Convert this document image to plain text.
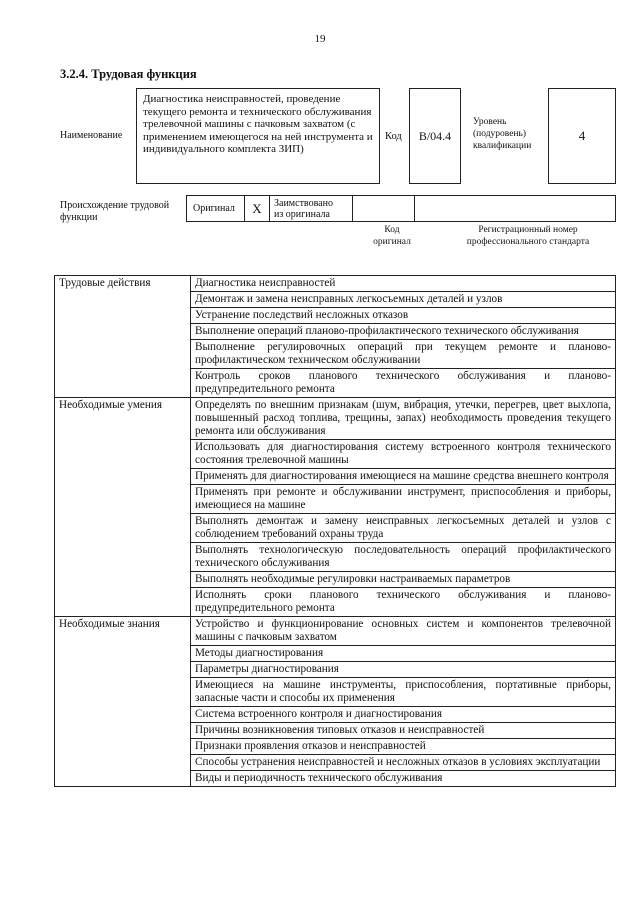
19
3.2.4. Трудовая функция
Наименование
Диагностика неисправностей, проведение текущего ремонта и технического обслуживания трелевочной машины с пачковым захватом (с применением имеющегося на ней инструмента и индивидуального комплекта ЗИП)
Код	B/04.4
Уровень
(подуровень)
квалификации
4
Происхождение трудовой
функции
Оригинал X Заимствовано
из оригинала
Код
оригинал
Регистрационный номер
профессионального стандарта
Трудовые действия	Диагностика неисправностей
	Демонтаж и замена неисправных легкосъемных деталей и узлов
	Устранение последствий несложных отказов
	Выполнение операций планово-профилактического технического обслуживания
	Выполнение регулировочных операций при текущем ремонте и планово-профилактическом техническом обслуживании
	Контроль сроков планового технического обслуживания и планово-предупредительного ремонта
Необходимые умения	Определять по внешним признакам (шум, вибрация, утечки, перегрев, цвет выхлопа, повышенный расход топлива, трещины, запах) необходимость проведения текущего ремонта или обслуживания
	Использовать для диагностирования систему встроенного контроля технического состояния трелевочной машины
	Применять для диагностирования имеющиеся на машине средства внешнего контроля
	Применять при ремонте и обслуживании инструмент, приспособления и приборы, имеющиеся на машине
	Выполнять демонтаж и замену неисправных легкосъемных деталей и узлов с соблюдением требований охраны труда
	Выполнять технологическую последовательность операций профилактического технического обслуживания
	Выполнять необходимые регулировки настраиваемых параметров
	Исполнять сроки планового технического обслуживания и планово-предупредительного ремонта
Необходимые знания	Устройство и функционирование основных систем и компонентов трелевочной машины с пачковым захватом
	Методы диагностирования
	Параметры диагностирования
	Имеющиеся на машине инструменты, приспособления, портативные приборы, запасные части и способы их применения
	Система встроенного контроля и диагностирования
	Причины возникновения типовых отказов и неисправностей
	Признаки проявления отказов и неисправностей
	Способы устранения неисправностей и несложных отказов в условиях эксплуатации
	Виды и периодичность технического обслуживания
